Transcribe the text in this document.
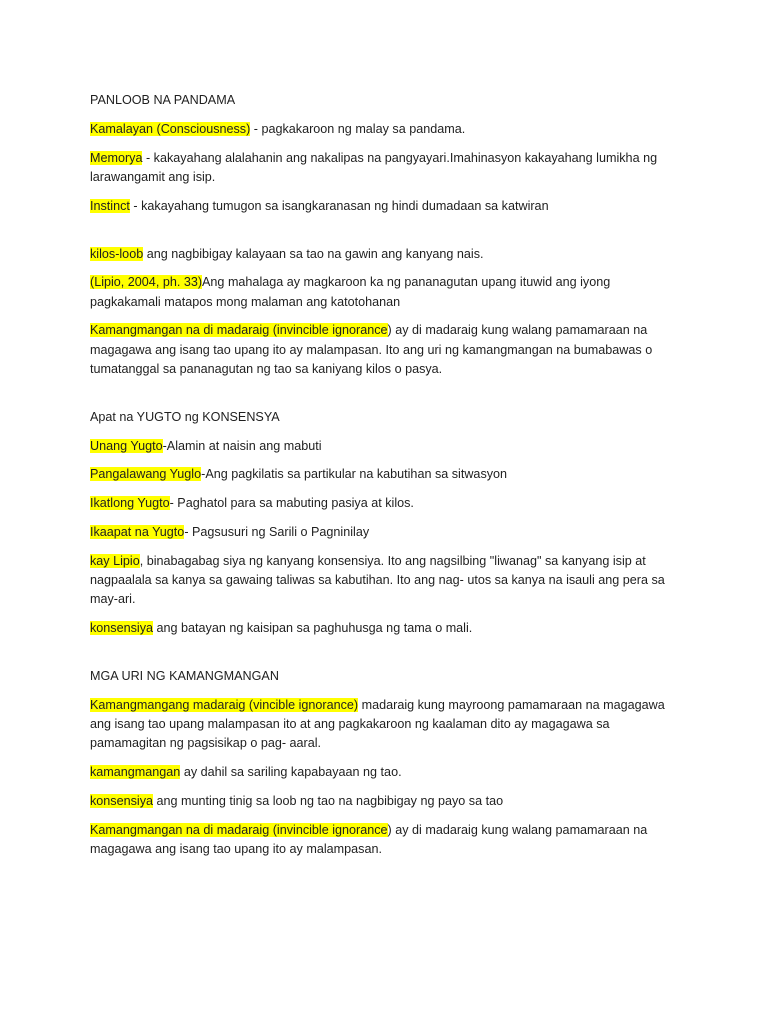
PANLOOB NA PANDAMA

Kamalayan (Consciousness) - pagkakaroon ng malay sa pandama.

Memorya - kakayahang alalahanin ang nakalipas na pangyayari.Imahinasyon kakayahang lumikha ng larawangamit ang isip.

Instinct - kakayahang tumugon sa isangkaranasan ng hindi dumadaan sa katwiran

kilos-loob ang nagbibigay kalayaan sa tao na gawin ang kanyang nais.

(Lipio, 2004, ph. 33)Ang mahalaga ay magkaroon ka ng pananagutan upang ituwid ang iyong pagkakamali matapos mong malaman ang katotohanan

Kamangmangan na di madaraig (invincible ignorance) ay di madaraig kung walang pamamaraan na magagawa ang isang tao upang ito ay malampasan. Ito ang uri ng kamangmangan na bumabawas o tumatanggal sa pananagutan ng tao sa kaniyang kilos o pasya.

Apat na YUGTO ng KONSENSYA

Unang Yugto-Alamin at naisin ang mabuti

Pangalawang Yuglo-Ang pagkilatis sa partikular na kabutihan sa sitwasyon

Ikatlong Yugto- Paghatol para sa mabuting pasiya at kilos.

Ikaapat na Yugto- Pagsusuri ng Sarili o Pagninilay

kay Lipio, binabagabag siya ng kanyang konsensiya. Ito ang nagsilbing "liwanag" sa kanyang isip at nagpaalala sa kanya sa gawaing taliwas sa kabutihan. Ito ang nag- utos sa kanya na isauli ang pera sa may-ari.

konsensiya ang batayan ng kaisipan sa paghuhusga ng tama o mali.

MGA URI NG KAMANGMANGAN

Kamangmangang madaraig (vincible ignorance) madaraig kung mayroong pamamaraan na magagawa ang isang tao upang malampasan ito at ang pagkakaroon ng kaalaman dito ay magagawa sa pamamagitan ng pagsisikap o pag- aaral.

kamangmangan ay dahil sa sariling kapabayaan ng tao.

konsensiya ang munting tinig sa loob ng tao na nagbibigay ng payo sa tao

Kamangmangan na di madaraig (invincible ignorance) ay di madaraig kung walang pamamaraan na magagawa ang isang tao upang ito ay malampasan.
